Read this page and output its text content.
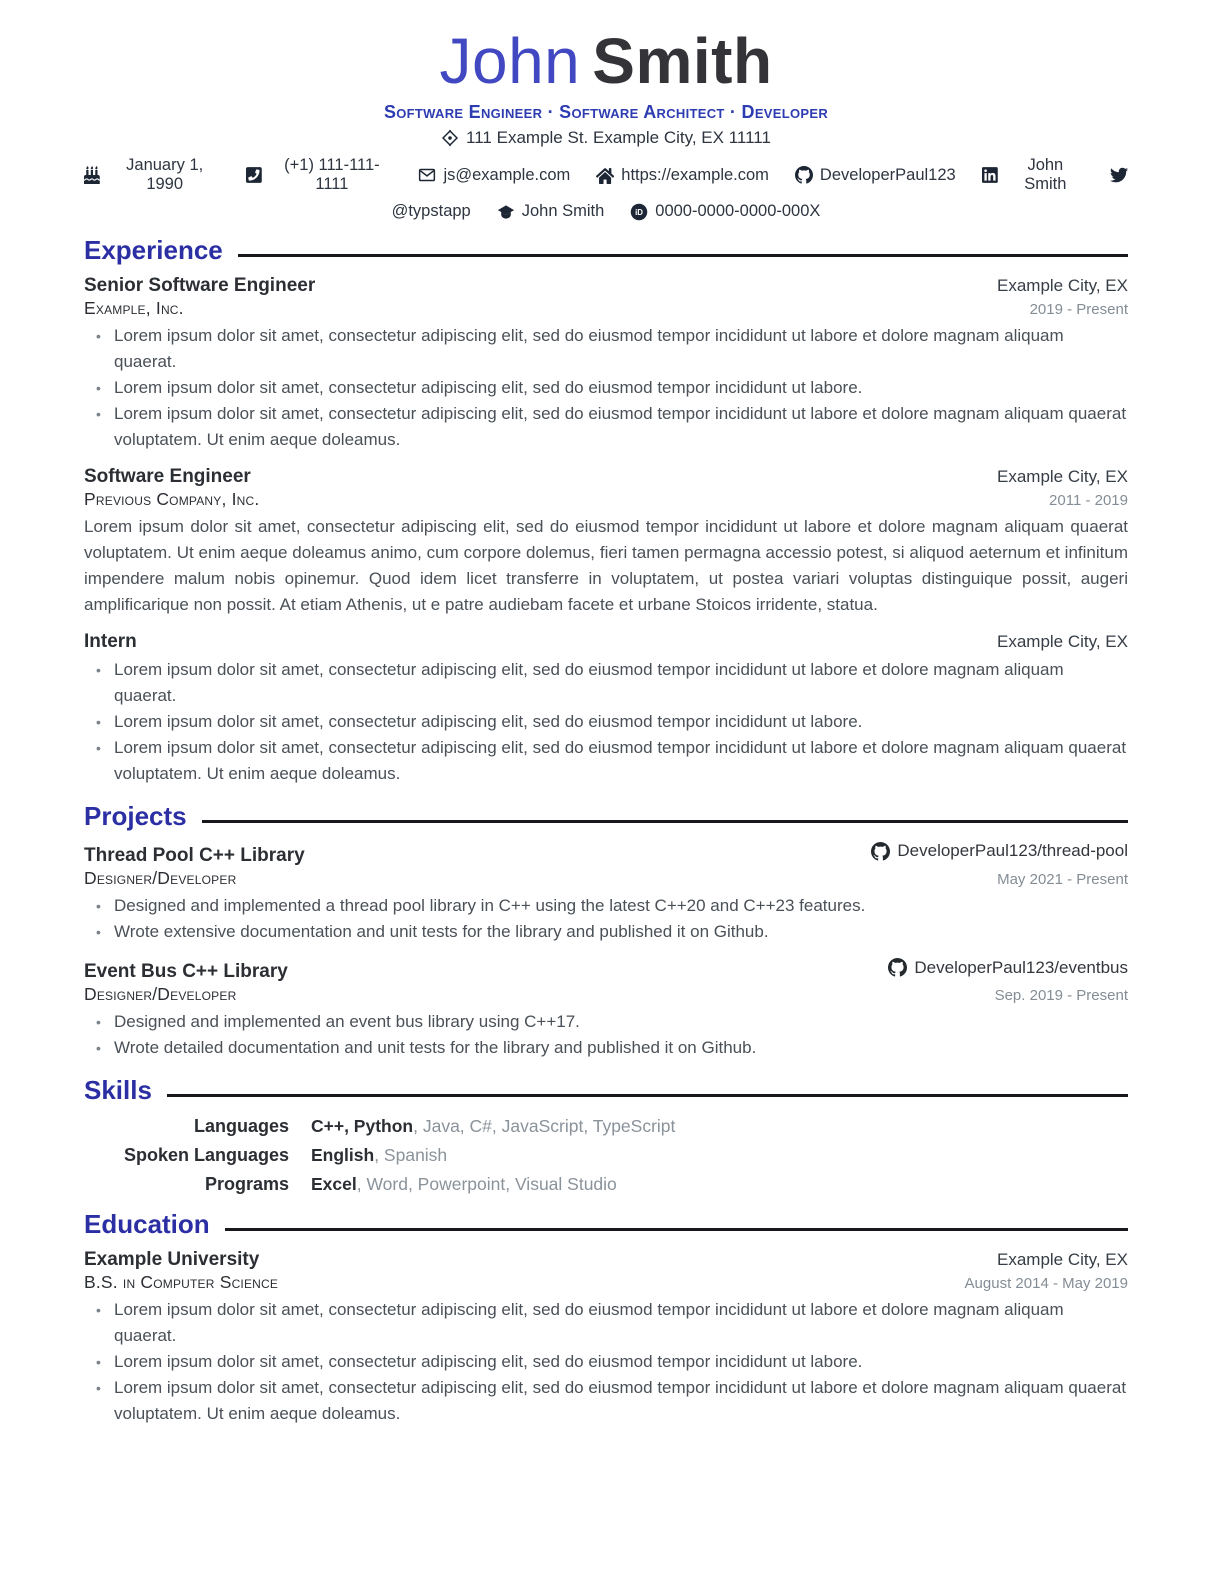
John Smith
Software Engineer · Software Architect · Developer
111 Example St. Example City, EX 11111
January 1, 1990
(+1) 111-111-1111
js@example.com	https://example.com	DeveloperPaul123
John Smith
@typstapp	John Smith	0000-0000-0000-000X
Experience
Senior Software Engineer	Example City, EX
Example, Inc.	2019 - Present
• Lorem ipsum dolor sit amet, consectetur adipiscing elit, sed do eiusmod tempor incididunt ut labore et dolore magnam aliquam quaerat.
• Lorem ipsum dolor sit amet, consectetur adipiscing elit, sed do eiusmod tempor incididunt ut labore.
• Lorem ipsum dolor sit amet, consectetur adipiscing elit, sed do eiusmod tempor incididunt ut labore et dolore magnam aliquam quaerat voluptatem. Ut enim aeque doleamus.
Software Engineer	Example City, EX
Previous Company, Inc.	2011 - 2019

Lorem ipsum dolor sit amet, consectetur adipiscing elit, sed do eiusmod tempor incididunt ut labore et dolore magnam aliquam quaerat voluptatem. Ut enim aeque doleamus animo, cum corpore dolemus, fieri tamen permagna accessio potest, si aliquod aeternum et infinitum impendere malum nobis opinemur. Quod idem licet transferre in voluptatem, ut postea variari voluptas distinguique possit, augeri amplificarique non possit. At etiam Athenis, ut e patre audiebam facete et urbane Stoicos irridente, statua.

Intern	Example City, EX
• Lorem ipsum dolor sit amet, consectetur adipiscing elit, sed do eiusmod tempor incididunt ut labore et dolore magnam aliquam quaerat.
• Lorem ipsum dolor sit amet, consectetur adipiscing elit, sed do eiusmod tempor incididunt ut labore.
• Lorem ipsum dolor sit amet, consectetur adipiscing elit, sed do eiusmod tempor incididunt ut labore et dolore magnam aliquam quaerat voluptatem. Ut enim aeque doleamus.
Projects
Thread Pool C++ Library	DeveloperPaul123/thread-pool
Designer/Developer	May 2021 - Present
• Designed and implemented a thread pool library in C++ using the latest C++20 and C++23 features.
• Wrote extensive documentation and unit tests for the library and published it on Github.
Event Bus C++ Library	DeveloperPaul123/eventbus
Designer/Developer	Sep. 2019 - Present
• Designed and implemented an event bus library using C++17.
• Wrote detailed documentation and unit tests for the library and published it on Github.
Skills
Languages C++, Python, Java, C#, JavaScript, TypeScript
Spoken Languages English, Spanish
Programs Excel, Word, Powerpoint, Visual Studio
Education
Example University	Example City, EX
B.S. in Computer Science	August 2014 - May 2019
• Lorem ipsum dolor sit amet, consectetur adipiscing elit, sed do eiusmod tempor incididunt ut labore et dolore magnam aliquam quaerat.
• Lorem ipsum dolor sit amet, consectetur adipiscing elit, sed do eiusmod tempor incididunt ut labore.
• Lorem ipsum dolor sit amet, consectetur adipiscing elit, sed do eiusmod tempor incididunt ut labore et dolore magnam aliquam quaerat voluptatem. Ut enim aeque doleamus.
